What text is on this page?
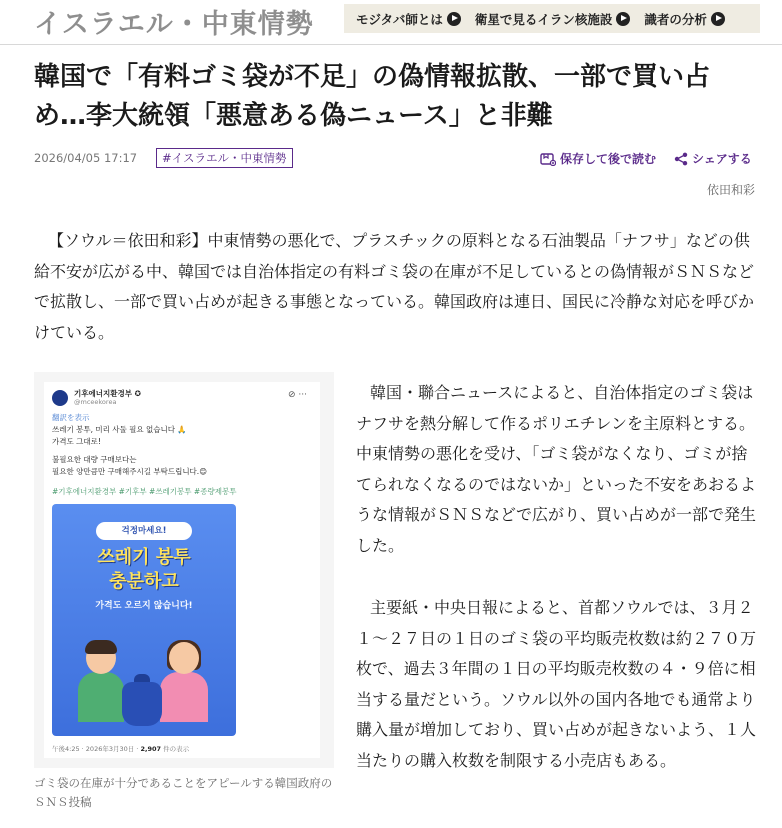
イスラエル・中東情勢	モジタバ師とは	衛星で見るイラン核施設	識者の分析
韓国で「有料ゴミ袋が不足」の偽情報拡散、一部で買い占め…李大統領「悪意ある偽ニュース」と非難
2026/04/05 17:17	#イスラエル・中東情勢	保存して後で読む	シェアする
依田和彩

【ソウル＝依田和彩】中東情勢の悪化で、プラスチックの原料となる石油製品「ナフサ」などの供給不安が広がる中、韓国では自治体指定の有料ゴミ袋の在庫が不足しているとの偽情報がＳＮＳなどで拡散し、一部で買い占めが起きる事態となっている。韓国政府は連日、国民に冷静な対応を呼びかけている。

기후에너지환경부 ✪
@mceekorea
⊘ ···
翻訳を表示
쓰레기 봉투, 미리 사둘 필요 없습니다 🙏
가격도 그대로!
불필요한 대량 구매보다는
필요한 양만큼만 구매해주시길 부탁드립니다.😊
#기후에너지환경부 #기후부 #쓰레기봉투 #종량제봉투
걱정마세요!
쓰레기 봉투
충분하고
가격도 오르지 않습니다!
午後4:25 · 2026年3月30日 · 2,907 件の表示
ゴミ袋の在庫が十分であることをアピールする韓国政府のＳＮＳ投稿

韓国・聯合ニュースによると、自治体指定のゴミ袋はナフサを熱分解して作るポリエチレンを主原料とする。中東情勢の悪化を受け、「ゴミ袋がなくなり、ゴミが捨てられなくなるのではないか」といった不安をあおるような情報がＳＮＳなどで広がり、買い占めが一部で発生した。

主要紙・中央日報によると、首都ソウルでは、３月２１～２７日の１日のゴミ袋の平均販売枚数は約２７０万枚で、過去３年間の１日の平均販売枚数の４・９倍に相当する量だという。ソウル以外の国内各地でも通常より購入量が増加しており、買い占めが起きないよう、１人当たりの購入枚数を制限する小売店もある。
